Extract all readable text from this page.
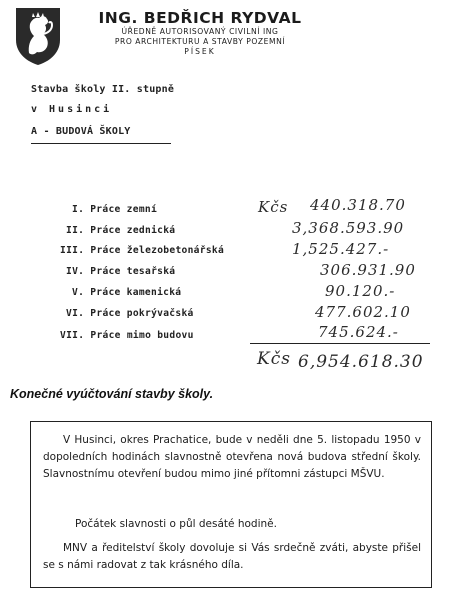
ING. BEDŘICH RYDVAL
ÚŘEDNĚ AUTORISOVANÝ CIVILNÍ ING
PRO ARCHITEKTURU A STAVBY POZEMNÍ
PÍSEK
Stavba školy II. stupně
v Husinci
A - BUDOVÁ ŠKOLY
I. Práce zemní
II. Práce zednická
III. Práce železobetonářská
IV. Práce tesařská
V. Práce kamenická
VI. Práce pokrývačská
VII. Práce mimo budovu
Kčs 440.318.70
3,368.593.90
1,525.427.-
306.931.90
90.120.-
477.602.10
745.624.-
Kčs 6,954.618.30
Konečné vyúčtování stavby školy.
V Husinci, okres Prachatice, bude v neděli dne 5. listopadu 1950 v dopoledních hodinách slavnostně otevřena nová budova střední školy. Slavnostnímu otevření budou mimo jiné přítomni zástupci MŠVU.
Počátek slavnosti o půl desáté hodině.
MNV a ředitelství školy dovoluje si Vás srdečně zváti, abyste přišel se s námi radovat z tak krásného díla.
